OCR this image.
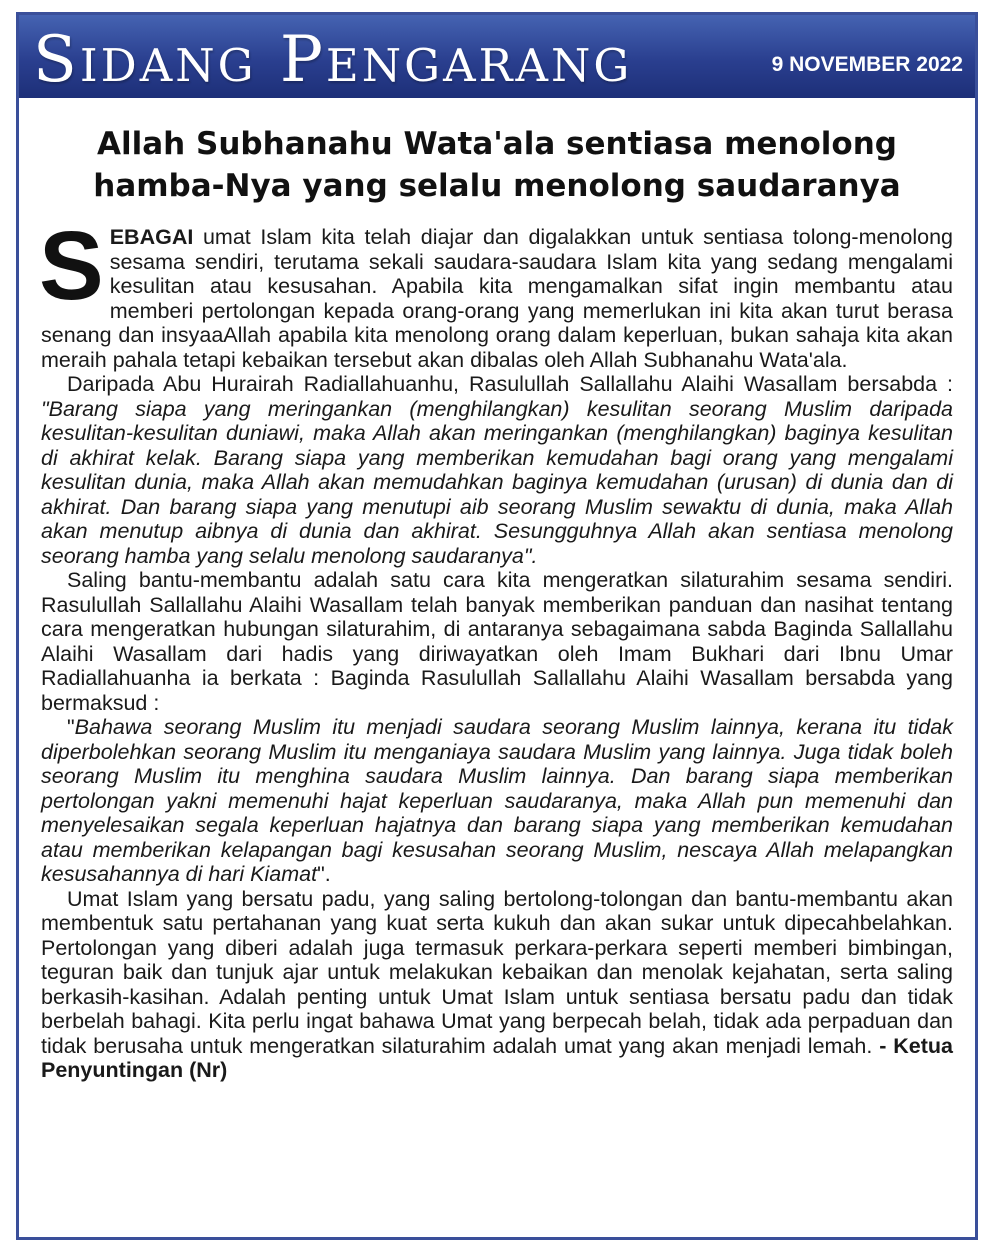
Sidang Pengarang	9 NOVEMBER 2022
Allah Subhanahu Wata'ala sentiasa menolong
hamba-Nya yang selalu menolong saudaranya

SEBAGAI umat Islam kita telah diajar dan digalakkan untuk sentiasa tolong-menolong sesama sendiri, terutama sekali saudara-saudara Islam kita yang sedang mengalami kesulitan atau kesusahan. Apabila kita mengamalkan sifat ingin membantu atau memberi pertolongan kepada orang-orang yang memerlukan ini kita akan turut berasa senang dan insyaaAllah apabila kita menolong orang dalam keperluan, bukan sahaja kita akan meraih pahala tetapi kebaikan tersebut akan dibalas oleh Allah Subhanahu Wata'ala.

Daripada Abu Hurairah Radiallahuanhu, Rasulullah Sallallahu Alaihi Wasallam bersabda : "Barang siapa yang meringankan (menghilangkan) kesulitan seorang Muslim daripada kesulitan-kesulitan duniawi, maka Allah akan meringankan (menghilangkan) baginya kesulitan di akhirat kelak. Barang siapa yang memberikan kemudahan bagi orang yang mengalami kesulitan dunia, maka Allah akan memudahkan baginya kemudahan (urusan) di dunia dan di akhirat. Dan barang siapa yang menutupi aib seorang Muslim sewaktu di dunia, maka Allah akan menutup aibnya di dunia dan akhirat. Sesungguhnya Allah akan sentiasa menolong seorang hamba yang selalu menolong saudaranya".

Saling bantu-membantu adalah satu cara kita mengeratkan silaturahim sesama sendiri. Rasulullah Sallallahu Alaihi Wasallam telah banyak memberikan panduan dan nasihat tentang cara mengeratkan hubungan silaturahim, di antaranya sebagaimana sabda Baginda Sallallahu Alaihi Wasallam dari hadis yang diriwayatkan oleh Imam Bukhari dari Ibnu Umar Radiallahuanha ia berkata : Baginda Rasulullah Sallallahu Alaihi Wasallam bersabda yang bermaksud :

"Bahawa seorang Muslim itu menjadi saudara seorang Muslim lainnya, kerana itu tidak diperbolehkan seorang Muslim itu menganiaya saudara Muslim yang lainnya. Juga tidak boleh seorang Muslim itu menghina saudara Muslim lainnya. Dan barang siapa memberikan pertolongan yakni memenuhi hajat keperluan saudaranya, maka Allah pun memenuhi dan menyelesaikan segala keperluan hajatnya dan barang siapa yang memberikan kemudahan atau memberikan kelapangan bagi kesusahan seorang Muslim, nescaya Allah melapangkan kesusahannya di hari Kiamat".

Umat Islam yang bersatu padu, yang saling bertolong-tolongan dan bantu-membantu akan membentuk satu pertahanan yang kuat serta kukuh dan akan sukar untuk dipecahbelahkan. Pertolongan yang diberi adalah juga termasuk perkara-perkara seperti memberi bimbingan, teguran baik dan tunjuk ajar untuk melakukan kebaikan dan menolak kejahatan, serta saling berkasih-kasihan. Adalah penting untuk Umat Islam untuk sentiasa bersatu padu dan tidak berbelah bahagi. Kita perlu ingat bahawa Umat yang berpecah belah, tidak ada perpaduan dan tidak berusaha untuk mengeratkan silaturahim adalah umat yang akan menjadi lemah. - Ketua Penyuntingan (Nr)
